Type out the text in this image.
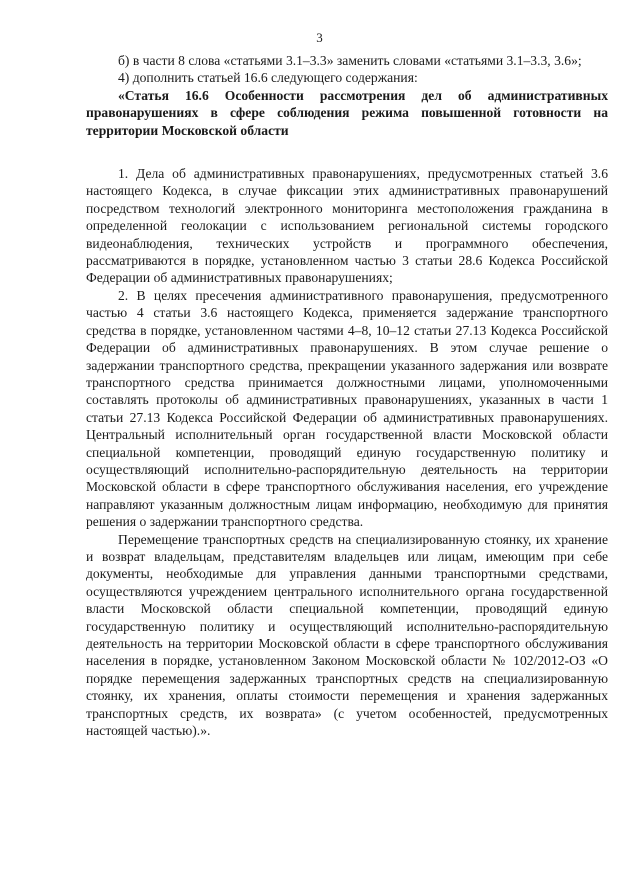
3

б) в части 8 слова «статьями 3.1–3.3» заменить словами «статьями 3.1–3.3, 3.6»;

4) дополнить статьей 16.6 следующего содержания:

«Статья 16.6 Особенности рассмотрения дел об административных правонарушениях в сфере соблюдения режима повышенной готовности на территории Московской области

1. Дела об административных правонарушениях, предусмотренных статьей 3.6 настоящего Кодекса, в случае фиксации этих административных правонарушений посредством технологий электронного мониторинга местоположения гражданина в определенной геолокации с использованием региональной системы городского видеонаблюдения, технических устройств и программного обеспечения, рассматриваются в порядке, установленном частью 3 статьи 28.6 Кодекса Российской Федерации об административных правонарушениях;

2. В целях пресечения административного правонарушения, предусмотренного частью 4 статьи 3.6 настоящего Кодекса, применяется задержание транспортного средства в порядке, установленном частями 4–8, 10–12 статьи 27.13 Кодекса Российской Федерации об административных правонарушениях. В этом случае решение о задержании транспортного средства, прекращении указанного задержания или возврате транспортного средства принимается должностными лицами, уполномоченными составлять протоколы об административных правонарушениях, указанных в части 1 статьи 27.13 Кодекса Российской Федерации об административных правонарушениях. Центральный исполнительный орган государственной власти Московской области специальной компетенции, проводящий единую государственную политику и осуществляющий исполнительно-распорядительную деятельность на территории Московской области в сфере транспортного обслуживания населения, его учреждение направляют указанным должностным лицам информацию, необходимую для принятия решения о задержании транспортного средства.

Перемещение транспортных средств на специализированную стоянку, их хранение и возврат владельцам, представителям владельцев или лицам, имеющим при себе документы, необходимые для управления данными транспортными средствами, осуществляются учреждением центрального исполнительного органа государственной власти Московской области специальной компетенции, проводящий единую государственную политику и осуществляющий исполнительно-распорядительную деятельность на территории Московской области в сфере транспортного обслуживания населения в порядке, установленном Законом Московской области № 102/2012-ОЗ «О порядке перемещения задержанных транспортных средств на специализированную стоянку, их хранения, оплаты стоимости перемещения и хранения задержанных транспортных средств, их возврата» (с учетом особенностей, предусмотренных настоящей частью).».
